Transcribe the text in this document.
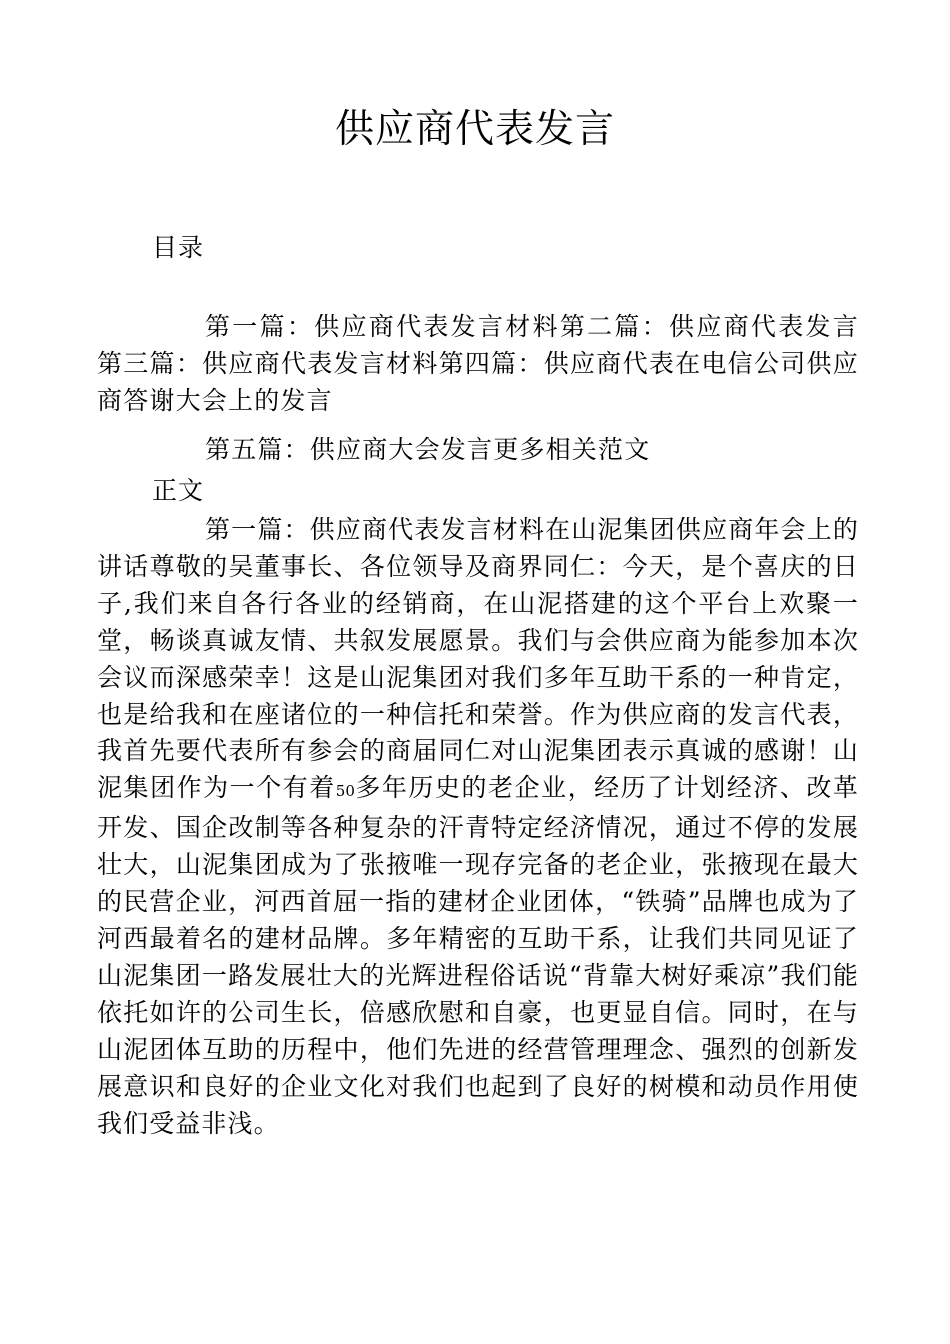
供应商代表发言
目录

第一篇：供应商代表发言材料第二篇：供应商代表发言第三篇：供应商代表发言材料第四篇：供应商代表在电信公司供应商答谢大会上的发言

第五篇：供应商大会发言更多相关范文

正文

第一篇：供应商代表发言材料在山泥集团供应商年会上的讲话尊敬的吴董事长、各位领导及商界同仁：今天，是个喜庆的日子,我们来自各行各业的经销商，在山泥搭建的这个平台上欢聚一堂，畅谈真诚友情、共叙发展愿景。我们与会供应商为能参加本次会议而深感荣幸！这是山泥集团对我们多年互助干系的一种肯定，也是给我和在座诸位的一种信托和荣誉。作为供应商的发言代表，我首先要代表所有参会的商届同仁对山泥集团表示真诚的感谢！山泥集团作为一个有着50多年历史的老企业，经历了计划经济、改革开发、国企改制等各种复杂的汗青特定经济情况，通过不停的发展壮大，山泥集团成为了张掖唯一现存完备的老企业，张掖现在最大的民营企业，河西首屈一指的建材企业团体，“铁骑”品牌也成为了河西最着名的建材品牌。多年精密的互助干系，让我们共同见证了山泥集团一路发展壮大的光辉进程俗话说“背靠大树好乘凉”我们能依托如许的公司生长，倍感欣慰和自豪，也更显自信。同时，在与山泥团体互助的历程中，他们先进的经营管理理念、强烈的创新发展意识和良好的企业文化对我们也起到了良好的树模和动员作用使我们受益非浅。
